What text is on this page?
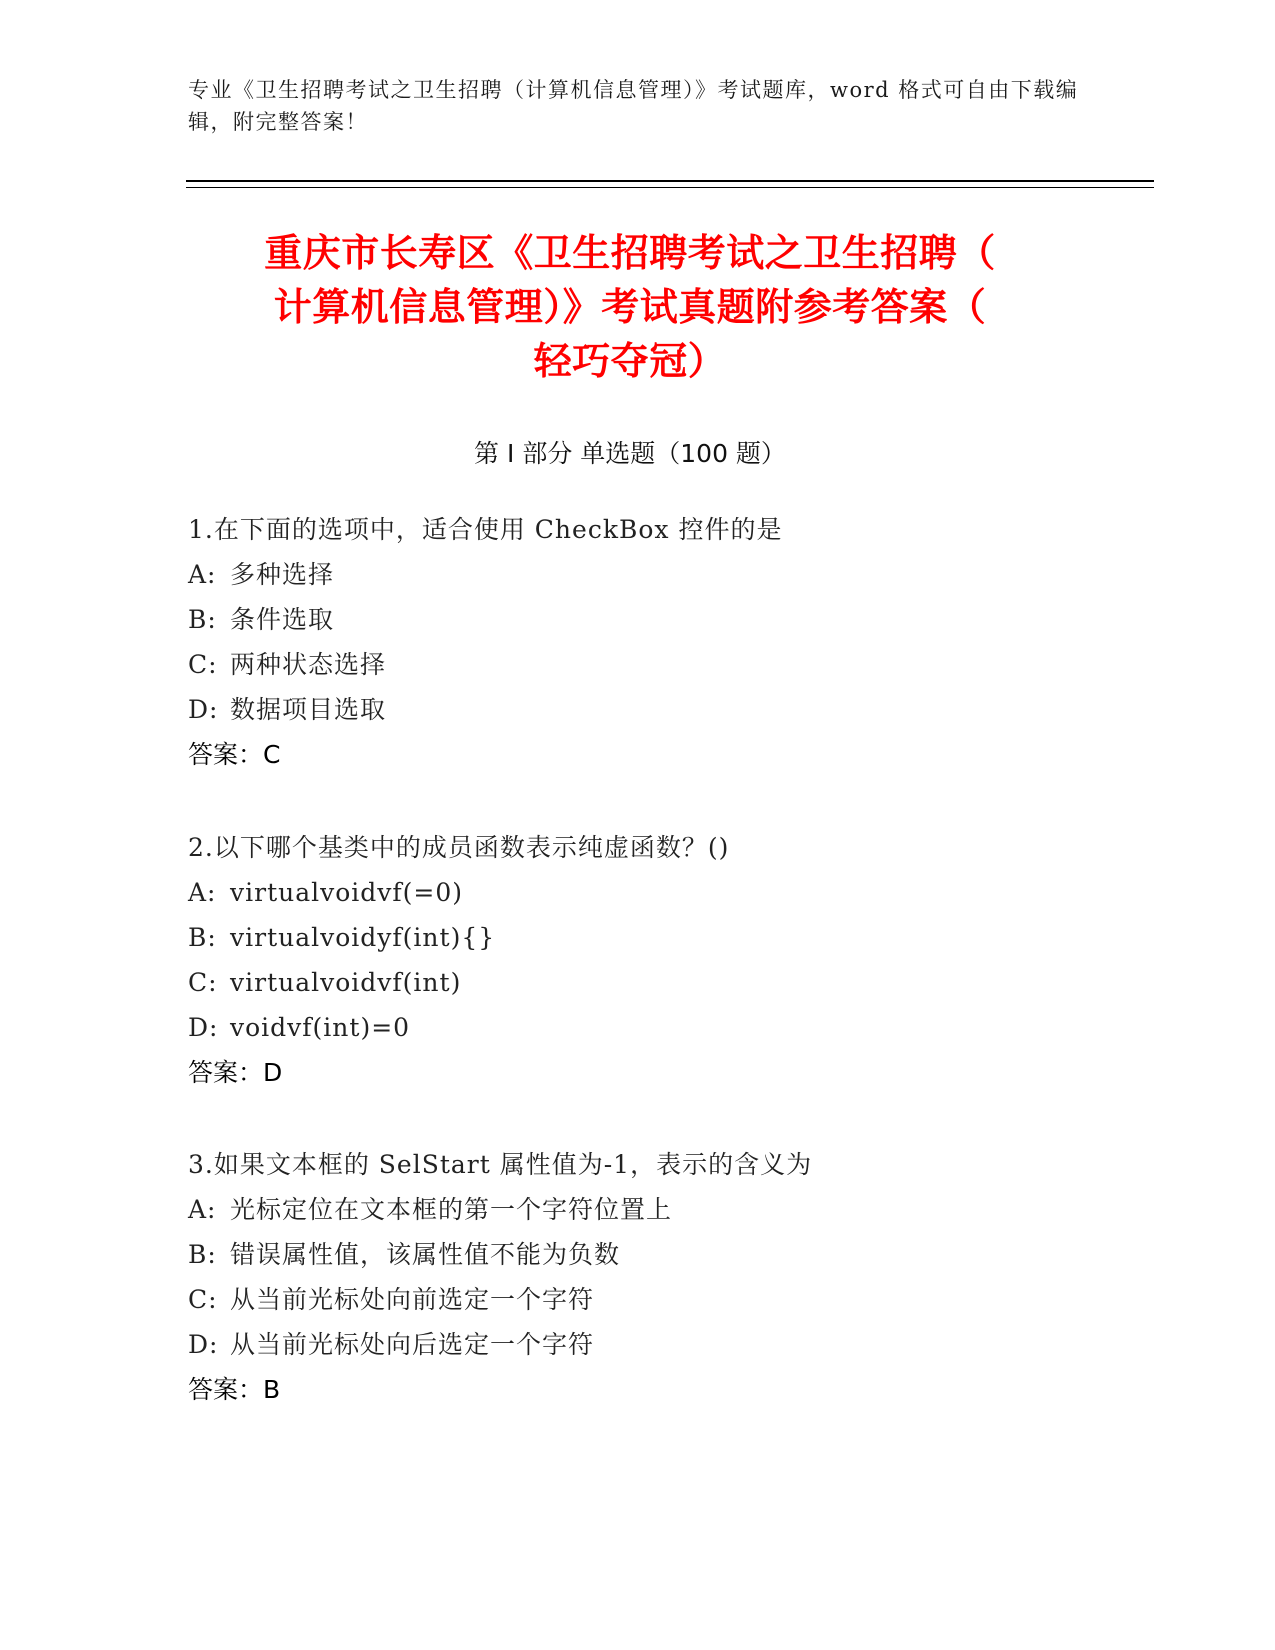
专业《卫生招聘考试之卫生招聘（计算机信息管理）》考试题库，word 格式可自由下载编辑，附完整答案！
重庆市长寿区《卫生招聘考试之卫生招聘（
计算机信息管理）》考试真题附参考答案（
轻巧夺冠）
第 I 部分 单选题（100 题）
1.在下面的选项中，适合使用 CheckBox 控件的是
A: 多种选择
B: 条件选取
C: 两种状态选择
D: 数据项目选取
答案：C
2.以下哪个基类中的成员函数表示纯虚函数？()
A: virtualvoidvf(=0)
B: virtualvoidyf(int){}
C: virtualvoidvf(int)
D: voidvf(int)=0
答案：D
3.如果文本框的 SelStart 属性值为-1，表示的含义为
A: 光标定位在文本框的第一个字符位置上
B: 错误属性值，该属性值不能为负数
C: 从当前光标处向前选定一个字符
D: 从当前光标处向后选定一个字符
答案：B
